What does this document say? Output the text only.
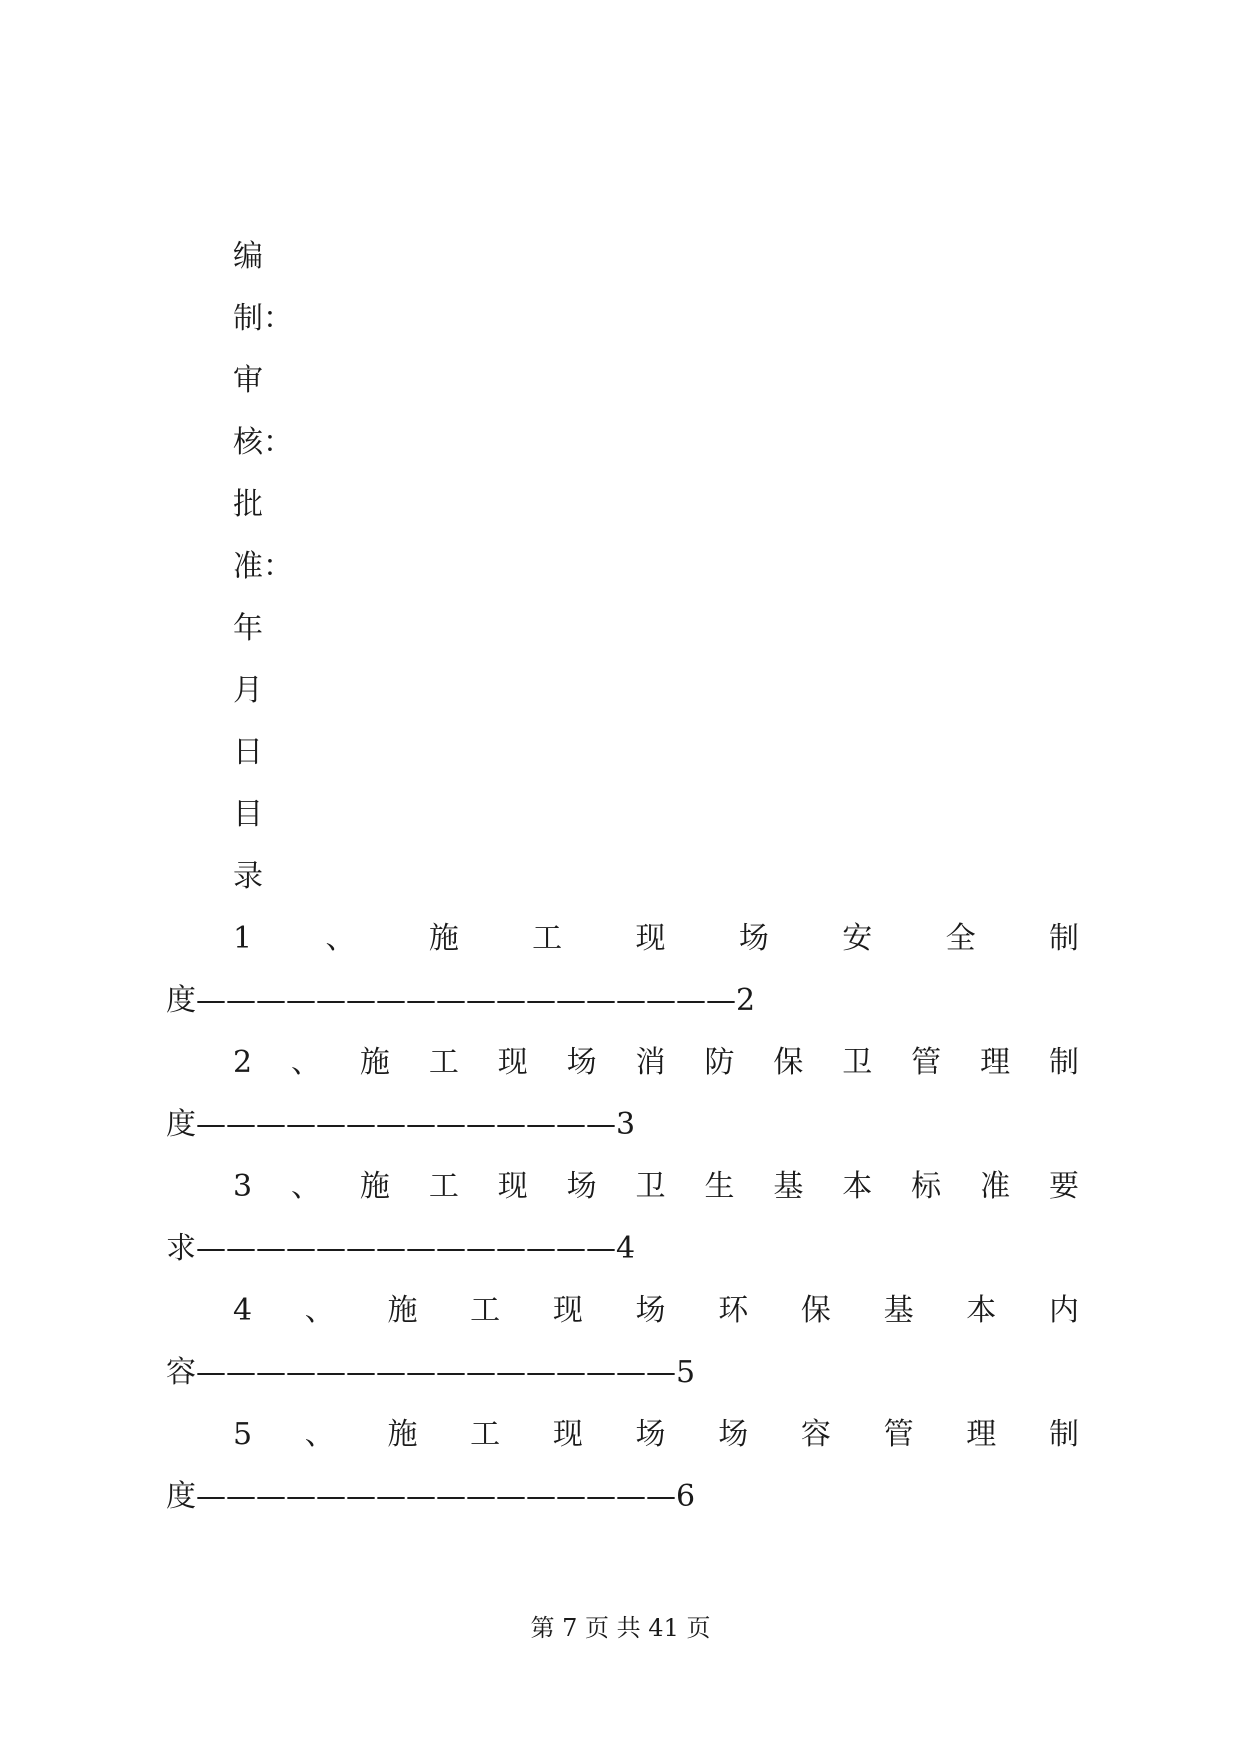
编
制：
审
核：
批
准：
年
月
日
目
录
1 、 施 工 现 场 安 全 制
度——————————————————2
2 、 施 工 现 场 消 防 保 卫 管 理 制
度——————————————3
3 、 施 工 现 场 卫 生 基 本 标 准 要
求——————————————4
4 、 施 工 现 场 环 保 基 本 内
容————————————————5
5 、 施 工 现 场 场 容 管 理 制
度————————————————6
第 7 页 共 41 页
